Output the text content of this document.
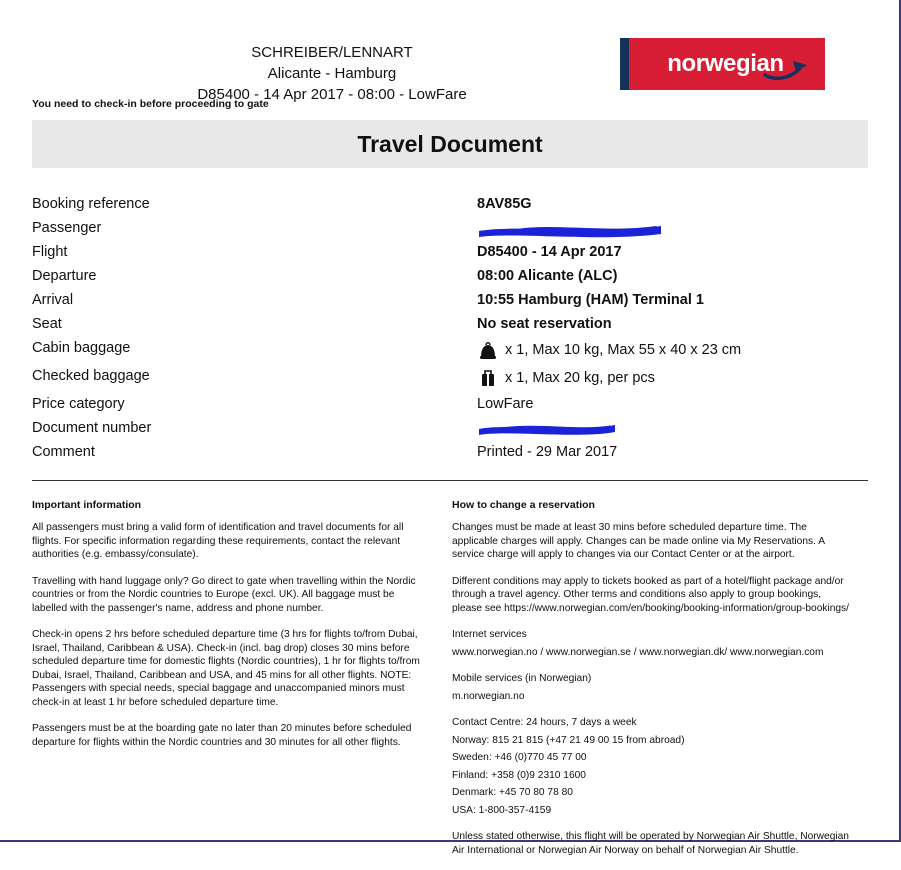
SCHREIBER/LENNART
Alicante - Hamburg
D85400 - 14 Apr 2017 - 08:00 - LowFare
norwegian
You need to check-in before proceeding to gate
Travel Document
Booking reference	8AV85G
Passenger	

Flight	D85400 - 14 Apr 2017
Departure	08:00 Alicante (ALC)
Arrival	10:55 Hamburg (HAM) Terminal 1
Seat	No seat reservation
Cabin baggage	x 1, Max 10 kg, Max 55 x 40 x 23 cm

Checked baggage	x 1, Max 20 kg, per pcs

Price category	LowFare
Document number	

Comment	Printed - 29 Mar 2017
Important information

All passengers must bring a valid form of identification and travel documents for all flights. For specific information regarding these requirements, contact the relevant authorities (e.g. embassy/consulate).

Travelling with hand luggage only? Go direct to gate when travelling within the Nordic countries or from the Nordic countries to Europe (excl. UK). All baggage must be labelled with the passenger's name, address and phone number.

Check-in opens 2 hrs before scheduled departure time (3 hrs for flights to/from Dubai, Israel, Thailand, Caribbean & USA). Check-in (incl. bag drop) closes 30 mins before scheduled departure time for domestic flights (Nordic countries), 1 hr for flights to/from Dubai, Israel, Thailand, Caribbean and USA, and 45 mins for all other flights. NOTE: Passengers with special needs, special baggage and unaccompanied minors must check-in at least 1 hr before scheduled departure time.

Passengers must be at the boarding gate no later than 20 minutes before scheduled departure for flights within the Nordic countries and 30 minutes for all other flights.

How to change a reservation

Changes must be made at least 30 mins before scheduled departure time. The applicable charges will apply. Changes can be made online via My Reservations. A service charge will apply to changes via our Contact Center or at the airport.

Different conditions may apply to tickets booked as part of a hotel/flight package and/or through a travel agency. Other terms and conditions also apply to group bookings, please see https://www.norwegian.com/en/booking/booking-information/group-bookings/

Internet services

www.norwegian.no / www.norwegian.se / www.norwegian.dk/ www.norwegian.com

Mobile services (in Norwegian)

m.norwegian.no

Contact Centre: 24 hours, 7 days a week

Norway: 815 21 815 (+47 21 49 00 15 from abroad)

Sweden: +46 (0)770 45 77 00

Finland: +358 (0)9 2310 1600

Denmark: +45 70 80 78 80

USA: 1-800-357-4159

Unless stated otherwise, this flight will be operated by Norwegian Air Shuttle, Norwegian Air International or Norwegian Air Norway on behalf of Norwegian Air Shuttle.
